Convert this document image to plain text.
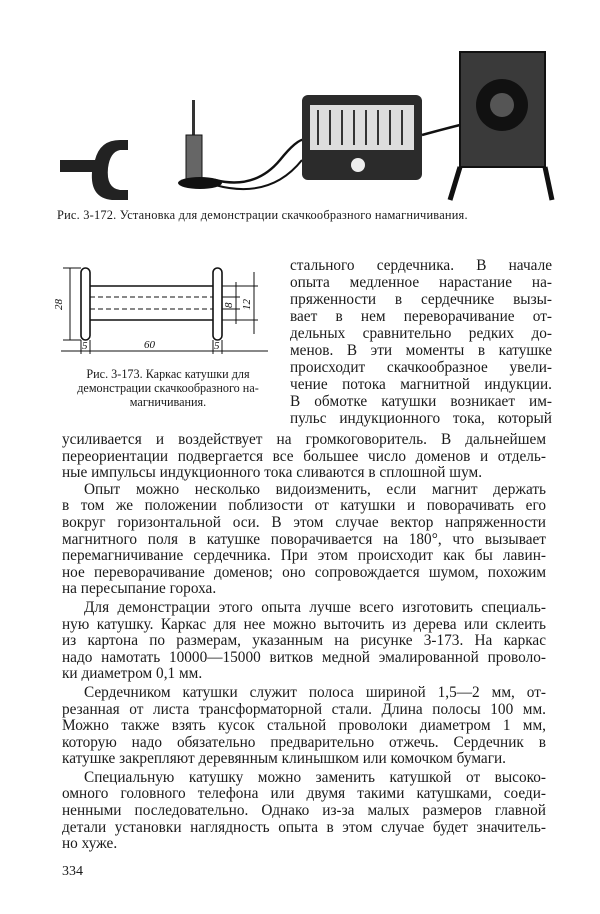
Рис. 3-172. Установка для демонстрации скачкообразного намагничивания.
28	8 12
5	60	5
Рис. 3-173. Каркас катушки для
демонстрации скачкообразного на-
магничивания.
стального сердечника. В начале
опыта медленное нарастание на-
пряженности в сердечнике вызы-
вает в нем переворачивание от-
дельных сравнительно редких до-
менов. В эти моменты в катушке
происходит скачкообразное увели-
чение потока магнитной индукции.
В обмотке катушки возникает им-
пульс индукционного тока, который
усиливается и воздействует на громкоговоритель. В дальнейшем
переориентации подвергается все большее число доменов и отдель-
ные импульсы индукционного тока сливаются в сплошной шум.
Опыт можно несколько видоизменить, если магнит держать
в том же положении поблизости от катушки и поворачивать его
вокруг горизонтальной оси. В этом случае вектор напряженности
магнитного поля в катушке поворачивается на 180°, что вызывает
перемагничивание сердечника. При этом происходит как бы лавин-
ное переворачивание доменов; оно сопровождается шумом, похожим
на пересыпание гороха.
Для демонстрации этого опыта лучше всего изготовить специаль-
ную катушку. Каркас для нее можно выточить из дерева или склеить
из картона по размерам, указанным на рисунке 3-173. На каркас
надо намотать 10000—15000 витков медной эмалированной проволо-
ки диаметром 0,1 мм.
Сердечником катушки служит полоса шириной 1,5—2 мм, от-
резанная от листа трансформаторной стали. Длина полосы 100 мм.
Можно также взять кусок стальной проволоки диаметром 1 мм,
которую надо обязательно предварительно отжечь. Сердечник в
катушке закрепляют деревянным клинышком или комочком бумаги.
Специальную катушку можно заменить катушкой от высоко-
омного головного телефона или двумя такими катушками, соеди-
ненными последовательно. Однако из-за малых размеров главной
детали установки наглядность опыта в этом случае будет значитель-
но хуже.
334
